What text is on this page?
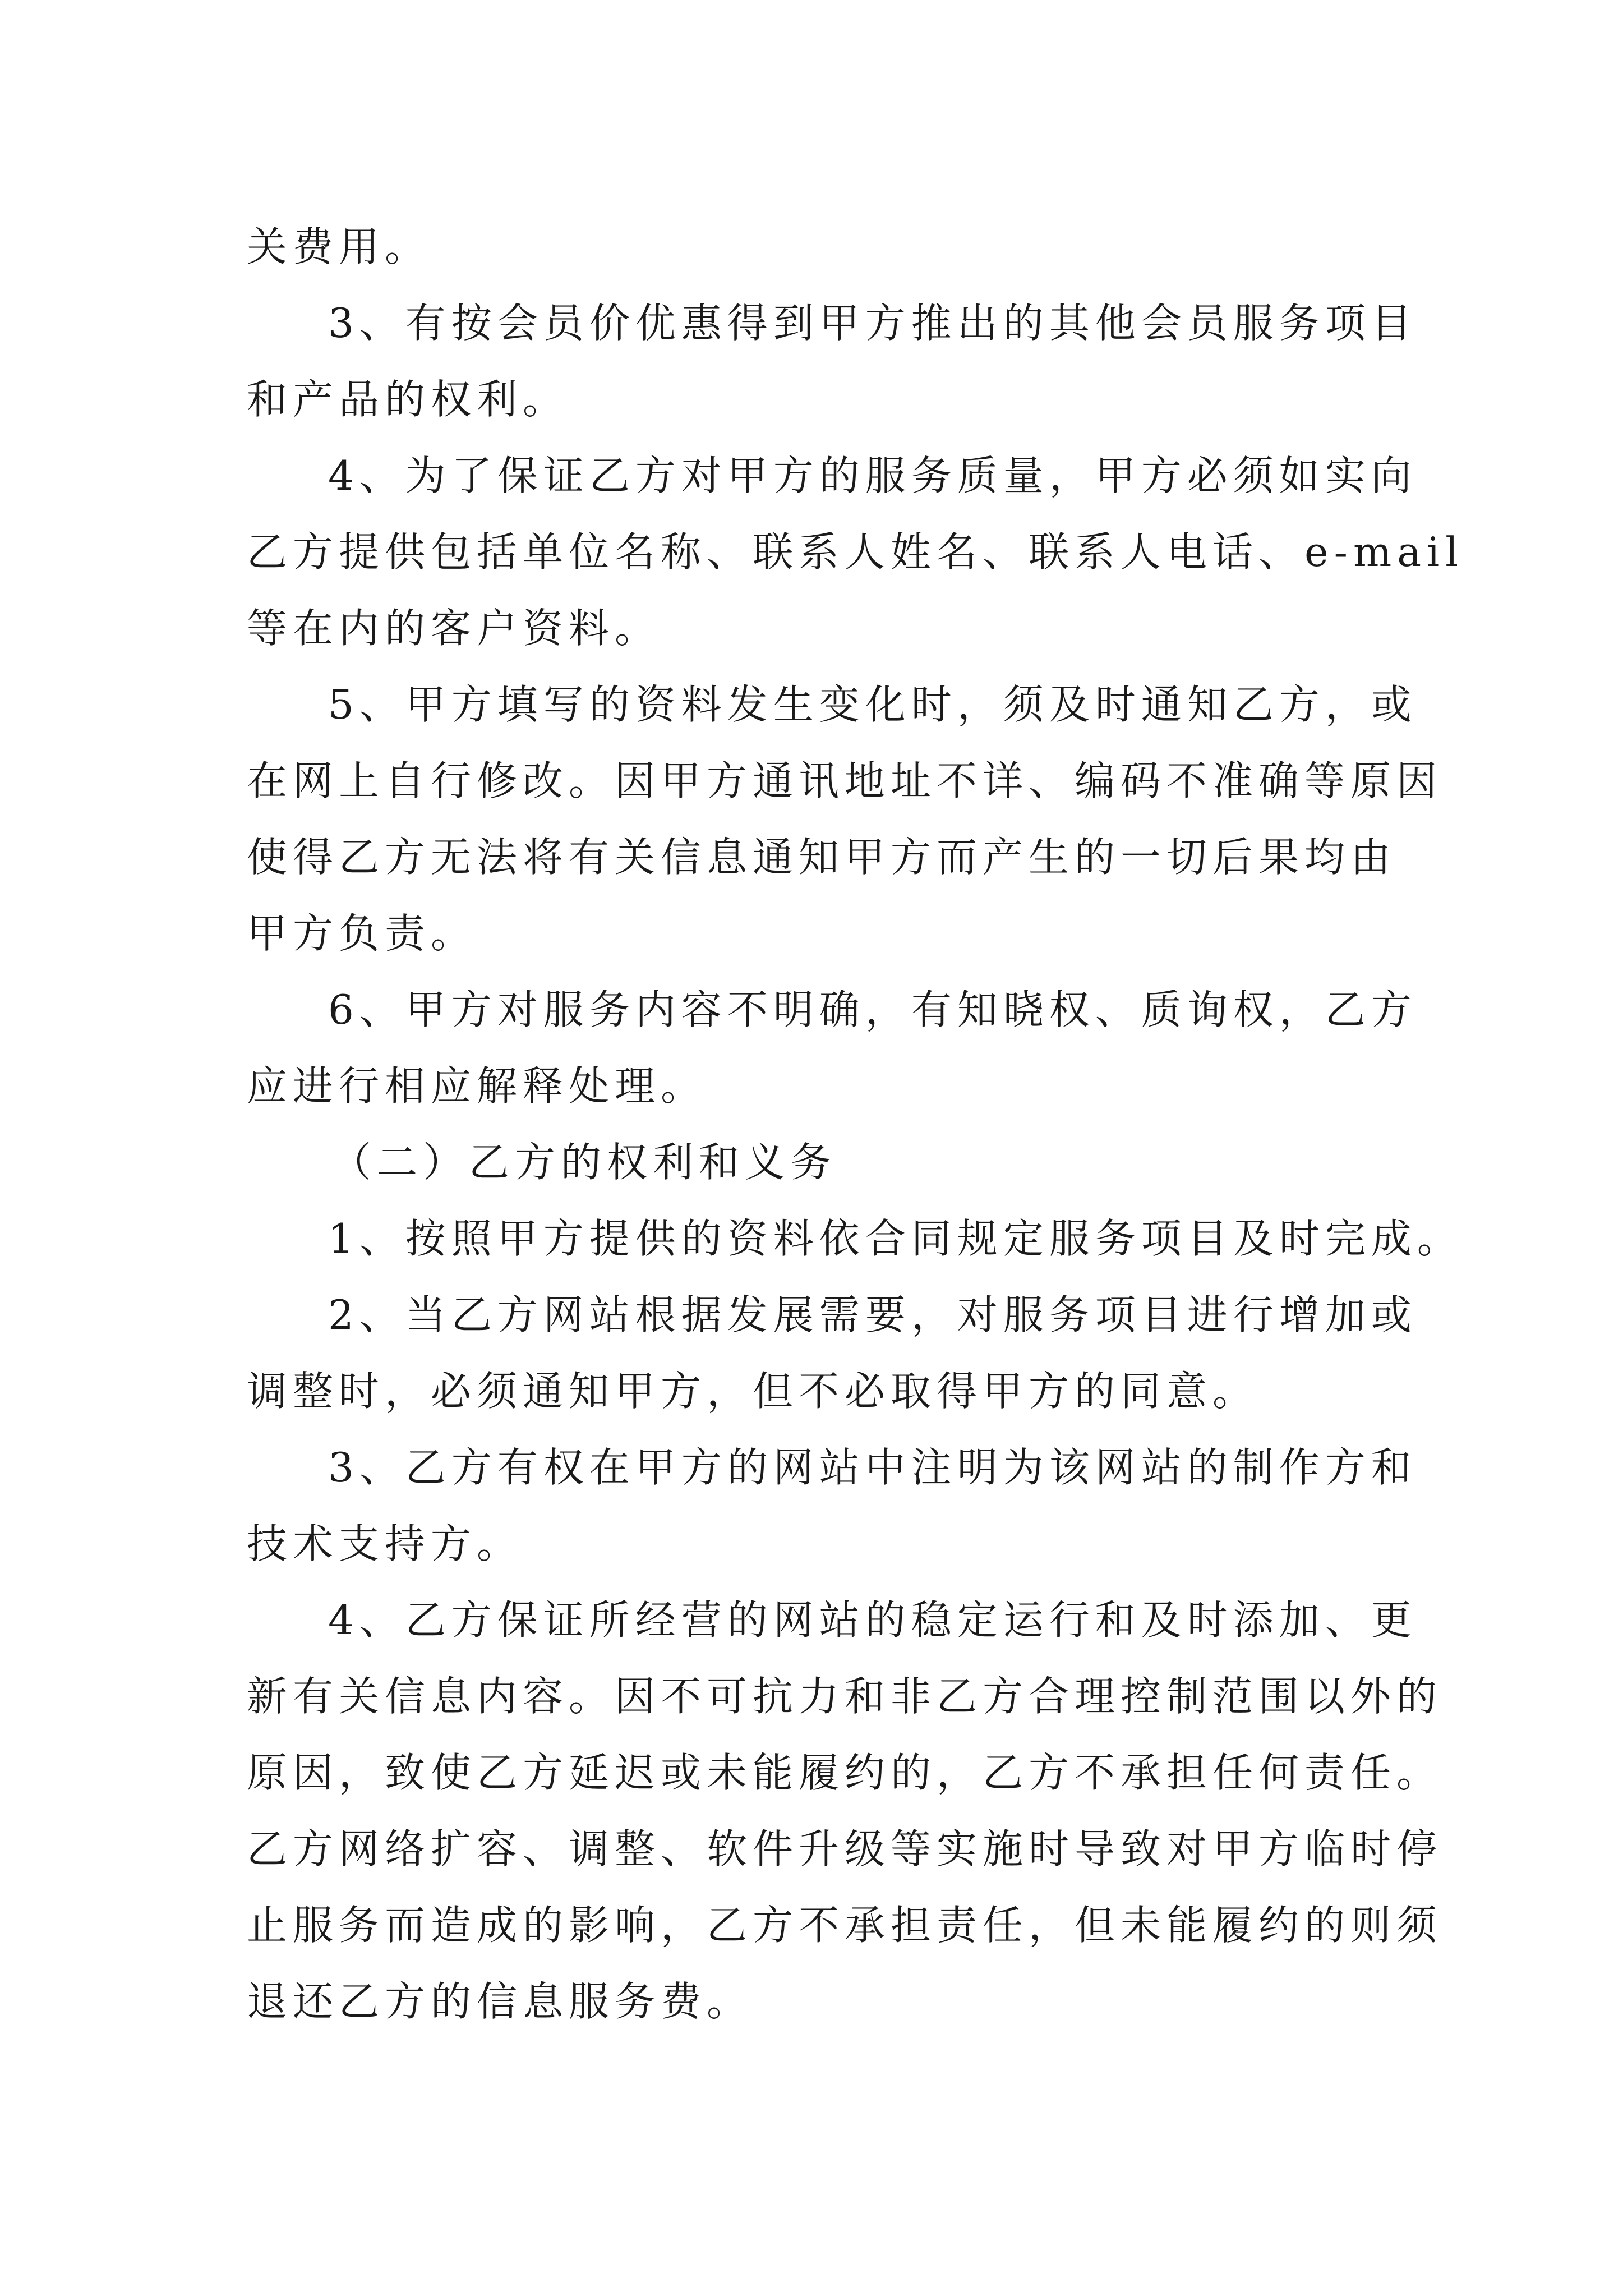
关费用。
3、有按会员价优惠得到甲方推出的其他会员服务项目
和产品的权利。
4、为了保证乙方对甲方的服务质量，甲方必须如实向
乙方提供包括单位名称、联系人姓名、联系人电话、e-mail
等在内的客户资料。
5、甲方填写的资料发生变化时，须及时通知乙方，或
在网上自行修改。因甲方通讯地址不详、编码不准确等原因
使得乙方无法将有关信息通知甲方而产生的一切后果均由
甲方负责。
6、甲方对服务内容不明确，有知晓权、质询权，乙方
应进行相应解释处理。
（二）乙方的权利和义务
1、按照甲方提供的资料依合同规定服务项目及时完成。
2、当乙方网站根据发展需要，对服务项目进行增加或
调整时，必须通知甲方，但不必取得甲方的同意。
3、乙方有权在甲方的网站中注明为该网站的制作方和
技术支持方。
4、乙方保证所经营的网站的稳定运行和及时添加、更
新有关信息内容。因不可抗力和非乙方合理控制范围以外的
原因，致使乙方延迟或未能履约的，乙方不承担任何责任。
乙方网络扩容、调整、软件升级等实施时导致对甲方临时停
止服务而造成的影响，乙方不承担责任，但未能履约的则须
退还乙方的信息服务费。
